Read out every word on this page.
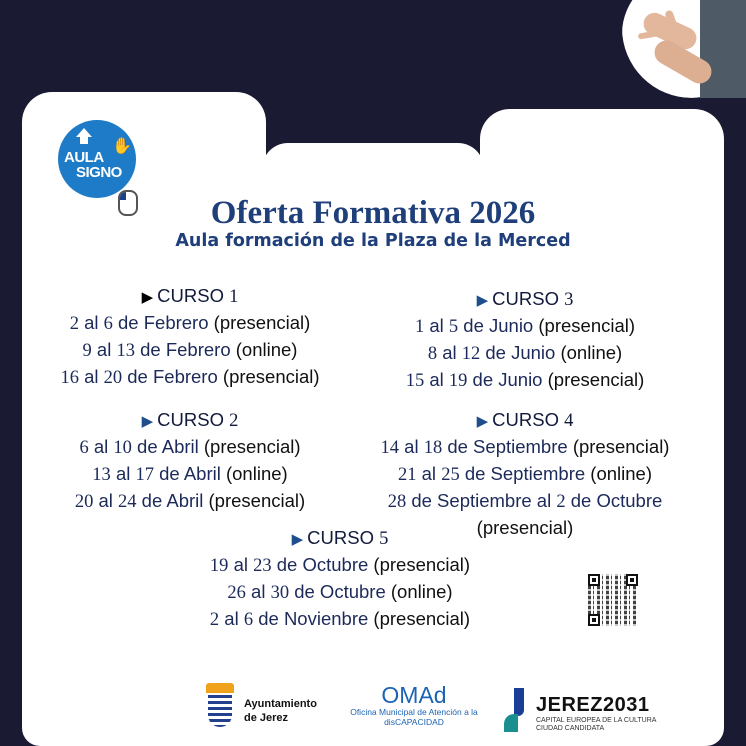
✋
AULA
SIGNO
Oferta Formativa 2026
Aula formación de la Plaza de la Merced
▶ CURSO 1
2 al 6 de Febrero (presencial)
9 al 13 de Febrero (online)
16 al 20 de Febrero (presencial)
▶ CURSO 3
1 al 5 de Junio (presencial)
8 al 12 de Junio (online)
15 al 19 de Junio (presencial)
▶ CURSO 2
6 al 10 de Abril (presencial)
13 al 17 de Abril (online)
20 al 24 de Abril (presencial)
▶ CURSO 4
14 al 18 de Septiembre (presencial)
21 al 25 de Septiembre (online)
28 de Septiembre al 2 de Octubre
(presencial)
▶ CURSO 5
19 al 23 de Octubre (presencial)
26 al 30 de Octubre (online)
2 al 6 de Novienbre (presencial)
Ayuntamiento
de Jerez
OMAd
Oficina Municipal de Atención a la
disCAPACIDAD
JEREZ2031
CAPITAL EUROPEA DE LA CULTURA
CIUDAD CANDIDATA
